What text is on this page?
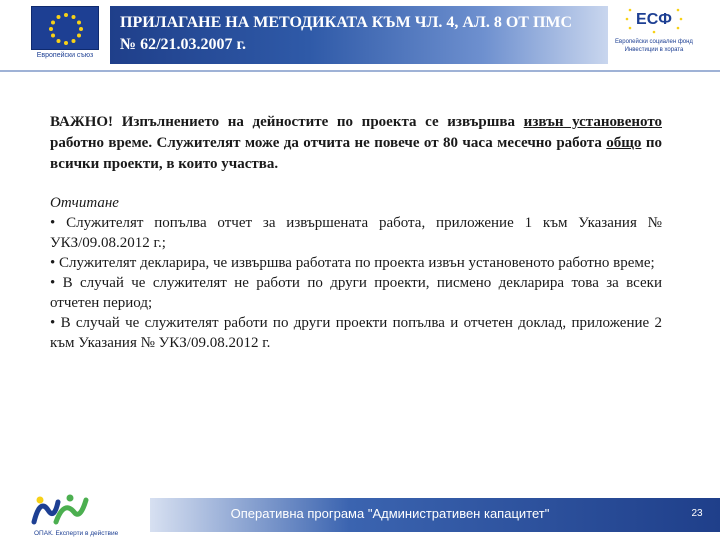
Европейски съюз
ПРИЛАГАНЕ НА МЕТОДИКАТА КЪМ ЧЛ. 4, АЛ. 8 ОТ ПМС № 62/21.03.2007 г.
ЕСФ
Европейски социален фонд Инвестиции в хората

ВАЖНО! Изпълнението на дейностите по проекта се извършва извън установеното работно време. Служителят може да отчита не повече от 80 часа месечно работа общо по всички проекти, в които участва.

Отчитане
• Служителят попълва отчет за извършената работа, приложение 1 към Указания № УКЗ/09.08.2012 г.;
• Служителят декларира, че извършва работата по проекта извън установеното работно време;
• В случай че служителят не работи по други проекти, писмено декларира това за всеки отчетен период;
• В случай че служителят работи по други проекти попълва и отчетен доклад, приложение 2 към Указания № УКЗ/09.08.2012 г.
ОПАК. Експерти в действие
Оперативна програма "Административен капацитет"	23
